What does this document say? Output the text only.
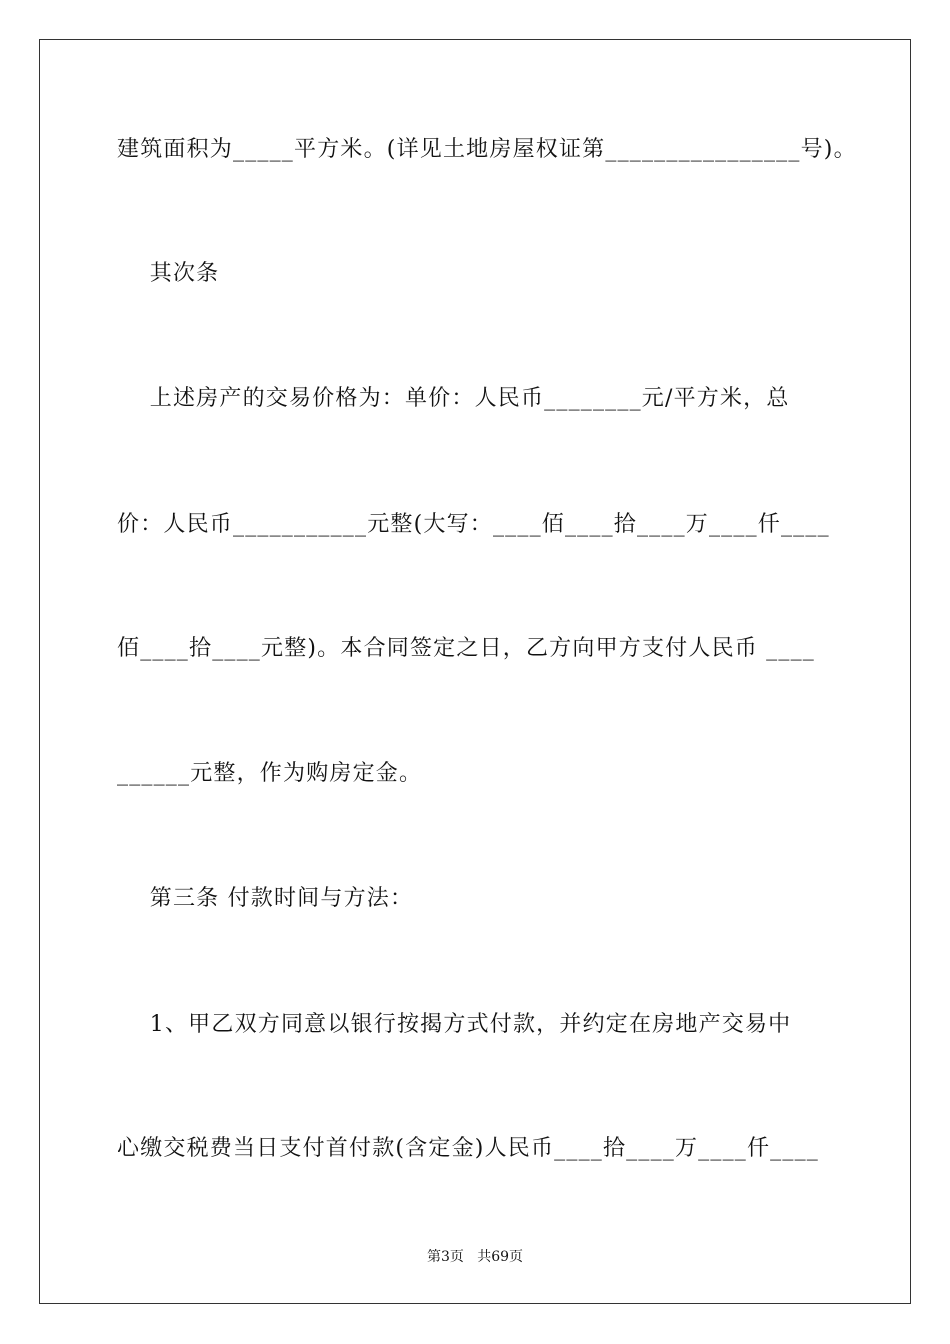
建筑面积为_____平方米。(详见土地房屋权证第________________号)。
其次条
上述房产的交易价格为：单价：人民币________元/平方米，总
价：人民币___________元整(大写：____佰____拾____万____仟____
佰____拾____元整)。本合同签定之日，乙方向甲方支付人民币 ____
______元整，作为购房定金。
第三条 付款时间与方法：
1、甲乙双方同意以银行按揭方式付款，并约定在房地产交易中
心缴交税费当日支付首付款(含定金)人民币____拾____万____仟____
第3页   共69页
